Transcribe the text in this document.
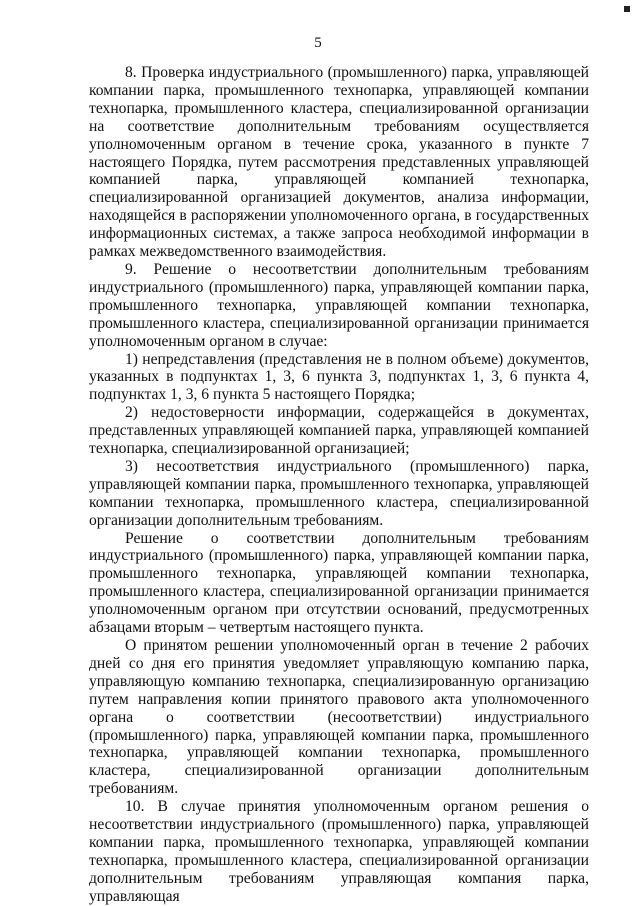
5

8. Проверка индустриального (промышленного) парка, управляющей компании парка, промышленного технопарка, управляющей компании технопарка, промышленного кластера, специализированной организации на соответствие дополнительным требованиям осуществляется уполномоченным органом в течение срока, указанного в пункте 7 настоящего Порядка, путем рассмотрения представленных управляющей компанией парка, управляющей компанией технопарка, специализированной организацией документов, анализа информации, находящейся в распоряжении уполномоченного органа, в государственных информационных системах, а также запроса необходимой информации в рамках межведомственного взаимодействия.

9. Решение о несоответствии дополнительным требованиям индустриального (промышленного) парка, управляющей компании парка, промышленного технопарка, управляющей компании технопарка, промышленного кластера, специализированной организации принимается уполномоченным органом в случае:

1) непредставления (представления не в полном объеме) документов, указанных в подпунктах 1, 3, 6 пункта 3, подпунктах 1, 3, 6 пункта 4, подпунктах 1, 3, 6 пункта 5 настоящего Порядка;

2) недостоверности информации, содержащейся в документах, представленных управляющей компанией парка, управляющей компанией технопарка, специализированной организацией;

3) несоответствия индустриального (промышленного) парка, управляющей компании парка, промышленного технопарка, управляющей компании технопарка, промышленного кластера, специализированной организации дополнительным требованиям.

Решение о соответствии дополнительным требованиям индустриального (промышленного) парка, управляющей компании парка, промышленного технопарка, управляющей компании технопарка, промышленного кластера, специализированной организации принимается уполномоченным органом при отсутствии оснований, предусмотренных абзацами вторым – четвертым настоящего пункта.

О принятом решении уполномоченный орган в течение 2 рабочих дней со дня его принятия уведомляет управляющую компанию парка, управляющую компанию технопарка, специализированную организацию путем направления копии принятого правового акта уполномоченного органа о соответствии (несоответствии) индустриального (промышленного) парка, управляющей компании парка, промышленного технопарка, управляющей компании технопарка, промышленного кластера, специализированной организации дополнительным требованиям.

10. В случае принятия уполномоченным органом решения о несоответствии индустриального (промышленного) парка, управляющей компании парка, промышленного технопарка, управляющей компании технопарка, промышленного кластера, специализированной организации дополнительным требованиям управляющая компания парка, управляющая
